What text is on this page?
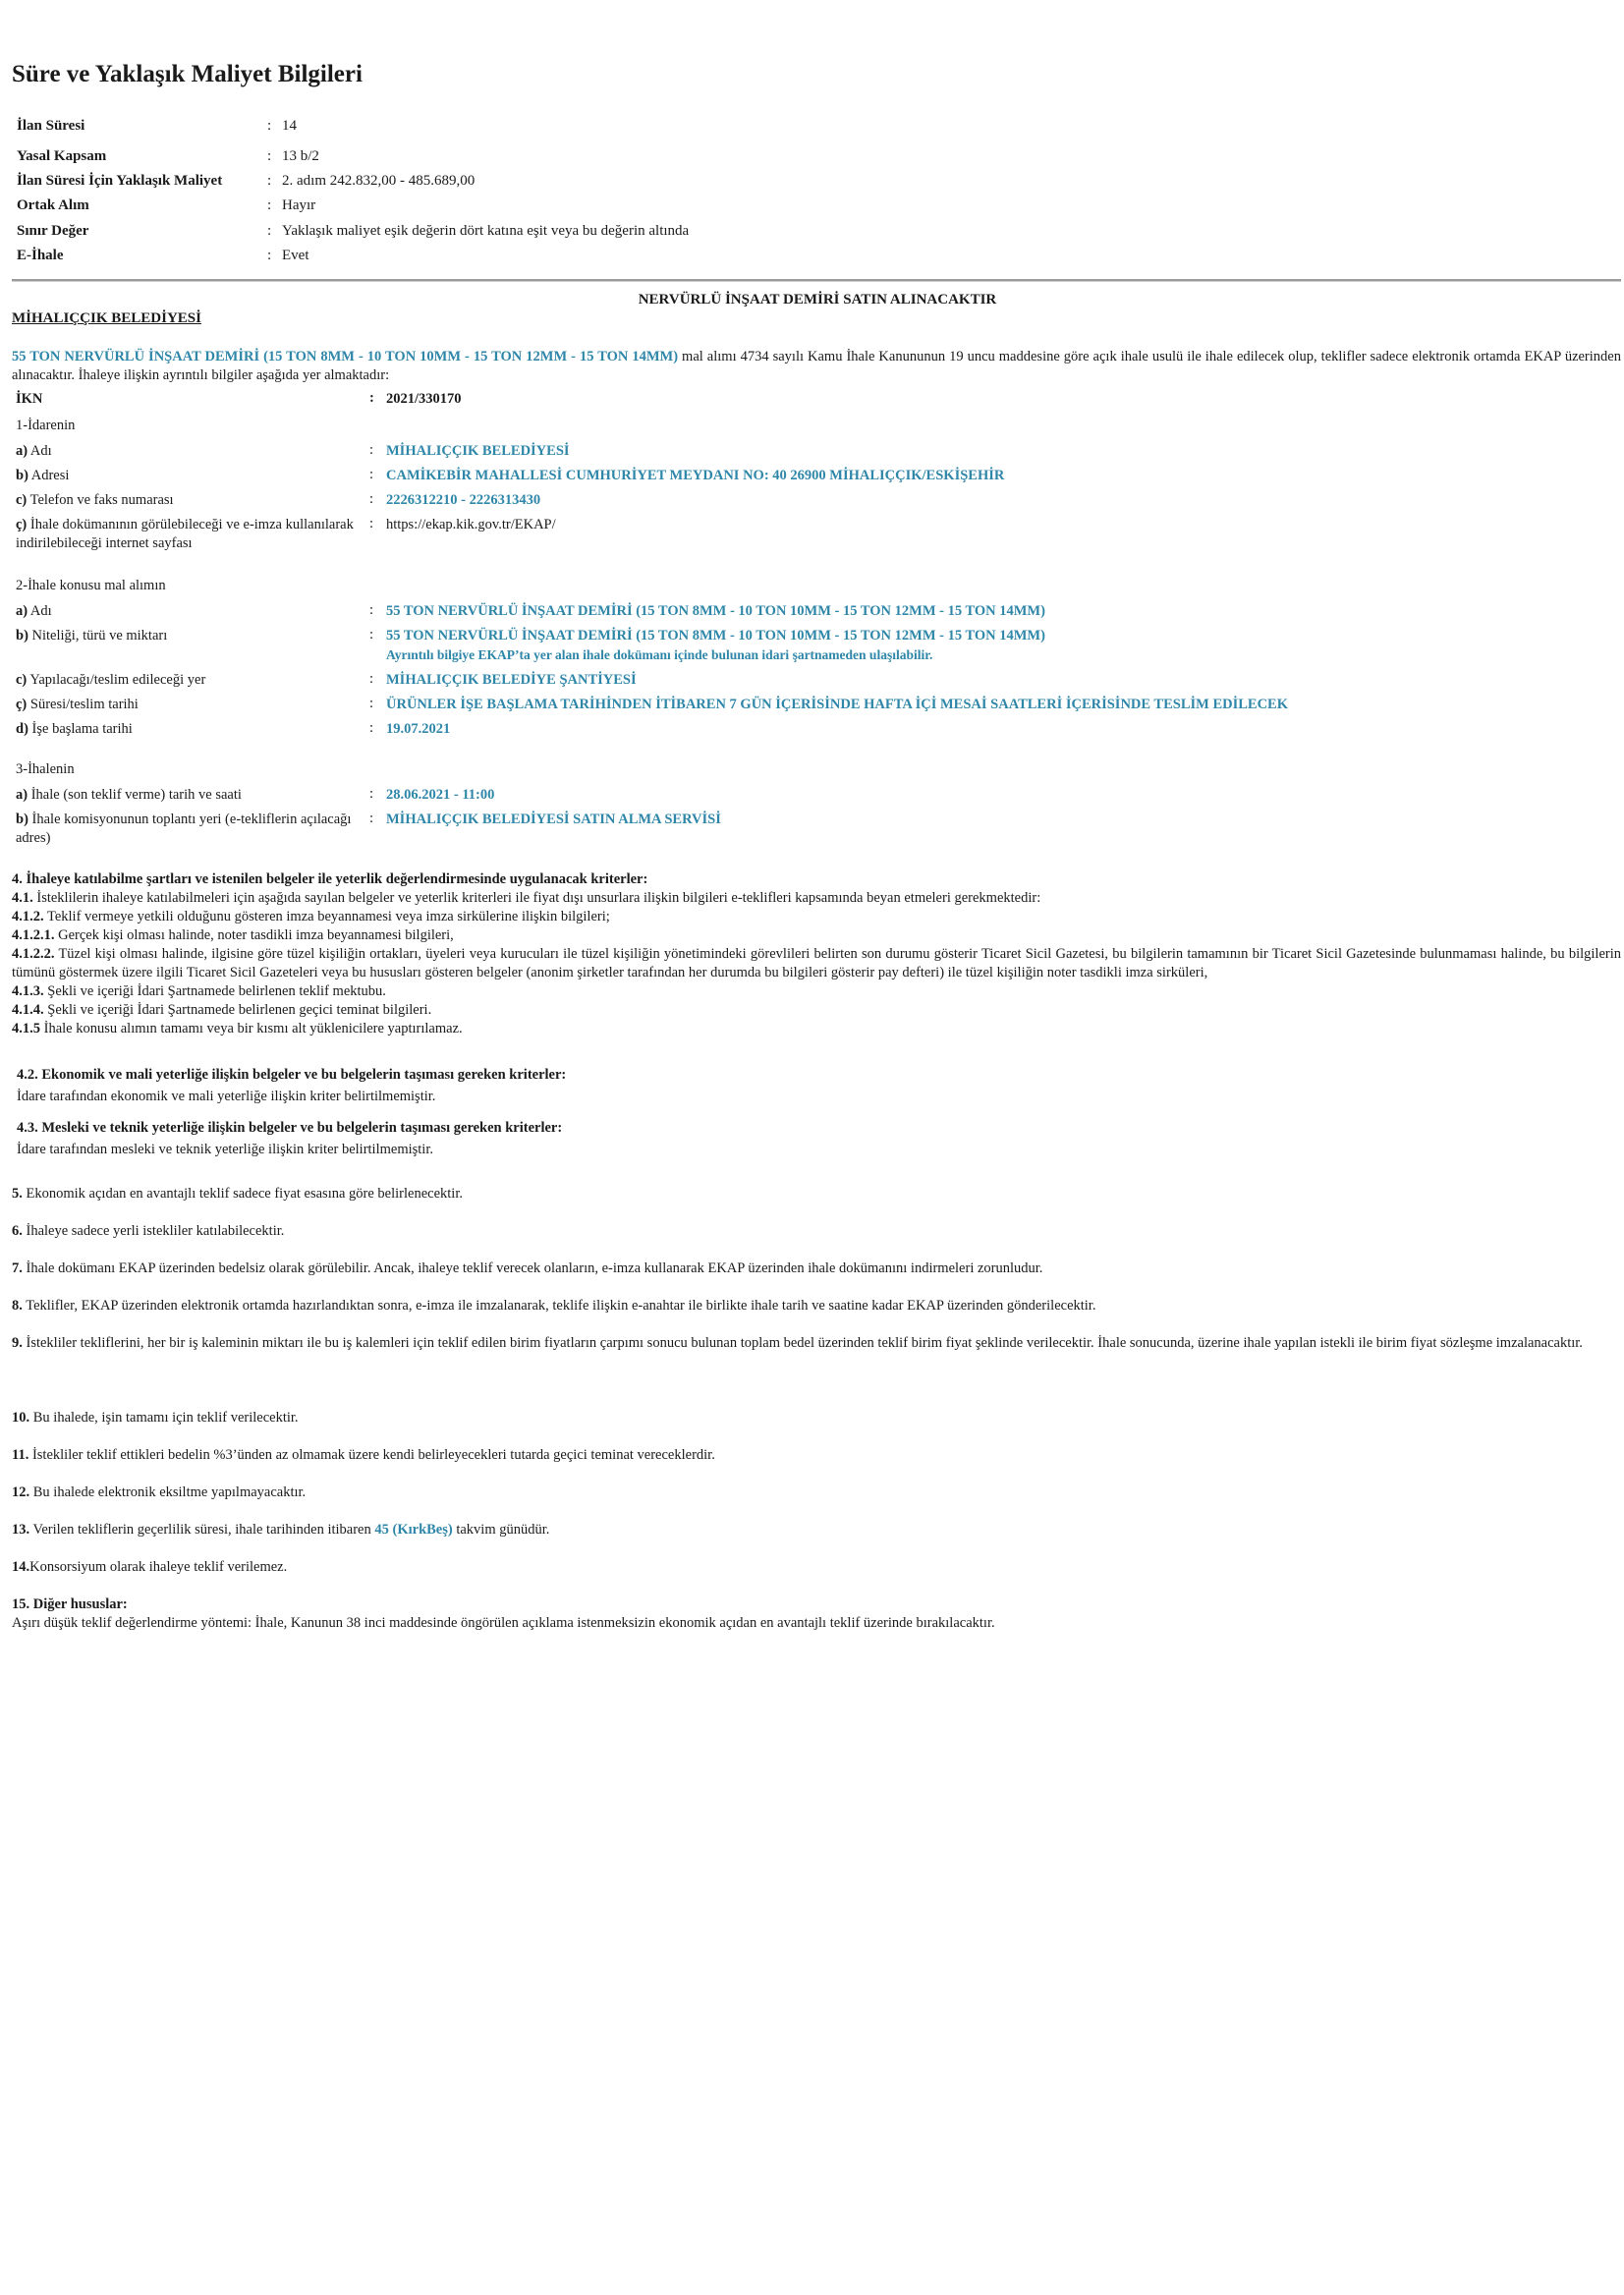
Süre ve Yaklaşık Maliyet Bilgileri
İlan Süresi	: 14
Yasal Kapsam	: 13 b/2
İlan Süresi İçin Yaklaşık Maliyet	: 2. adım 242.832,00 - 485.689,00
Ortak Alım	: Hayır
Sınır Değer	: Yaklaşık maliyet eşik değerin dört katına eşit veya bu değerin altında
E-İhale	: Evet
NERVÜRLÜ İNŞAAT DEMİRİ SATIN ALINACAKTIR
MİHALIÇÇIK BELEDİYESİ
55 TON NERVÜRLÜ İNŞAAT DEMİRİ (15 TON 8MM - 10 TON 10MM - 15 TON 12MM - 15 TON 14MM) mal alımı 4734 sayılı Kamu İhale Kanununun 19 uncu maddesine göre açık ihale usulü ile ihale edilecek olup, teklifler sadece elektronik ortamda EKAP üzerinden alınacaktır. İhaleye ilişkin ayrıntılı bilgiler aşağıda yer almaktadır:
İKN	: 2021/330170
1-İdarenin
a) Adı	: MİHALIÇÇIK BELEDİYESİ
b) Adresi	: CAMİKEBİR MAHALLESİ CUMHURİYET MEYDANI NO: 40 26900 MİHALIÇÇIK/ESKİŞEHİR
c) Telefon ve faks numarası	: 2226312210 - 2226313430
ç) İhale dokümanının görülebileceği ve e-imza kullanılarak indirilebileceği internet sayfası
: https://ekap.kik.gov.tr/EKAP/
2-İhale konusu mal alımın
a) Adı	: 55 TON NERVÜRLÜ İNŞAAT DEMİRİ (15 TON 8MM - 10 TON 10MM - 15 TON 12MM - 15 TON 14MM)
b) Niteliği, türü ve miktarı	: 55 TON NERVÜRLÜ İNŞAAT DEMİRİ (15 TON 8MM - 10 TON 10MM - 15 TON 12MM - 15 TON 14MM)
Ayrıntılı bilgiye EKAP’ta yer alan ihale dokümanı içinde bulunan idari şartnameden ulaşılabilir.
c) Yapılacağı/teslim edileceği yer	: MİHALIÇÇIK BELEDİYE ŞANTİYESİ
ç) Süresi/teslim tarihi	: ÜRÜNLER İŞE BAŞLAMA TARİHİNDEN İTİBAREN 7 GÜN İÇERİSİNDE HAFTA İÇİ MESAİ SAATLERİ İÇERİSİNDE TESLİM EDİLECEK
d) İşe başlama tarihi	: 19.07.2021
3-İhalenin
a) İhale (son teklif verme) tarih ve saati	: 28.06.2021 - 11:00
b) İhale komisyonunun toplantı yeri (e-tekliflerin açılacağı adres)
: MİHALIÇÇIK BELEDİYESİ SATIN ALMA SERVİSİ
4. İhaleye katılabilme şartları ve istenilen belgeler ile yeterlik değerlendirmesinde uygulanacak kriterler:
4.1. İsteklilerin ihaleye katılabilmeleri için aşağıda sayılan belgeler ve yeterlik kriterleri ile fiyat dışı unsurlara ilişkin bilgileri e-teklifleri kapsamında beyan etmeleri gerekmektedir:
4.1.2. Teklif vermeye yetkili olduğunu gösteren imza beyannamesi veya imza sirkülerine ilişkin bilgileri;
4.1.2.1. Gerçek kişi olması halinde, noter tasdikli imza beyannamesi bilgileri,
4.1.2.2. Tüzel kişi olması halinde, ilgisine göre tüzel kişiliğin ortakları, üyeleri veya kurucuları ile tüzel kişiliğin yönetimindeki görevlileri belirten son durumu gösterir Ticaret Sicil Gazetesi, bu bilgilerin tamamının bir Ticaret Sicil Gazetesinde bulunmaması halinde, bu bilgilerin tümünü göstermek üzere ilgili Ticaret Sicil Gazeteleri veya bu hususları gösteren belgeler (anonim şirketler tarafından her durumda bu bilgileri gösterir pay defteri) ile tüzel kişiliğin noter tasdikli imza sirküleri,
4.1.3. Şekli ve içeriği İdari Şartnamede belirlenen teklif mektubu.
4.1.4. Şekli ve içeriği İdari Şartnamede belirlenen geçici teminat bilgileri.
4.1.5 İhale konusu alımın tamamı veya bir kısmı alt yüklenicilere yaptırılamaz.
4.2. Ekonomik ve mali yeterliğe ilişkin belgeler ve bu belgelerin taşıması gereken kriterler:
İdare tarafından ekonomik ve mali yeterliğe ilişkin kriter belirtilmemiştir.
4.3. Mesleki ve teknik yeterliğe ilişkin belgeler ve bu belgelerin taşıması gereken kriterler:
İdare tarafından mesleki ve teknik yeterliğe ilişkin kriter belirtilmemiştir.
5. Ekonomik açıdan en avantajlı teklif sadece fiyat esasına göre belirlenecektir.
6. İhaleye sadece yerli istekliler katılabilecektir.
7. İhale dokümanı EKAP üzerinden bedelsiz olarak görülebilir. Ancak, ihaleye teklif verecek olanların, e-imza kullanarak EKAP üzerinden ihale dokümanını indirmeleri zorunludur.
8. Teklifler, EKAP üzerinden elektronik ortamda hazırlandıktan sonra, e-imza ile imzalanarak, teklife ilişkin e-anahtar ile birlikte ihale tarih ve saatine kadar EKAP üzerinden gönderilecektir.
9. İstekliler tekliflerini, her bir iş kaleminin miktarı ile bu iş kalemleri için teklif edilen birim fiyatların çarpımı sonucu bulunan toplam bedel üzerinden teklif birim fiyat şeklinde verilecektir. İhale sonucunda, üzerine ihale yapılan istekli ile birim fiyat sözleşme imzalanacaktır.
10. Bu ihalede, işin tamamı için teklif verilecektir.
11. İstekliler teklif ettikleri bedelin %3’ünden az olmamak üzere kendi belirleyecekleri tutarda geçici teminat vereceklerdir.
12. Bu ihalede elektronik eksiltme yapılmayacaktır.
13. Verilen tekliflerin geçerlilik süresi, ihale tarihinden itibaren 45 (KırkBeş) takvim günüdür.
14.Konsorsiyum olarak ihaleye teklif verilemez.
15. Diğer hususlar:
Aşırı düşük teklif değerlendirme yöntemi: İhale, Kanunun 38 inci maddesinde öngörülen açıklama istenmeksizin ekonomik açıdan en avantajlı teklif üzerinde bırakılacaktır.
